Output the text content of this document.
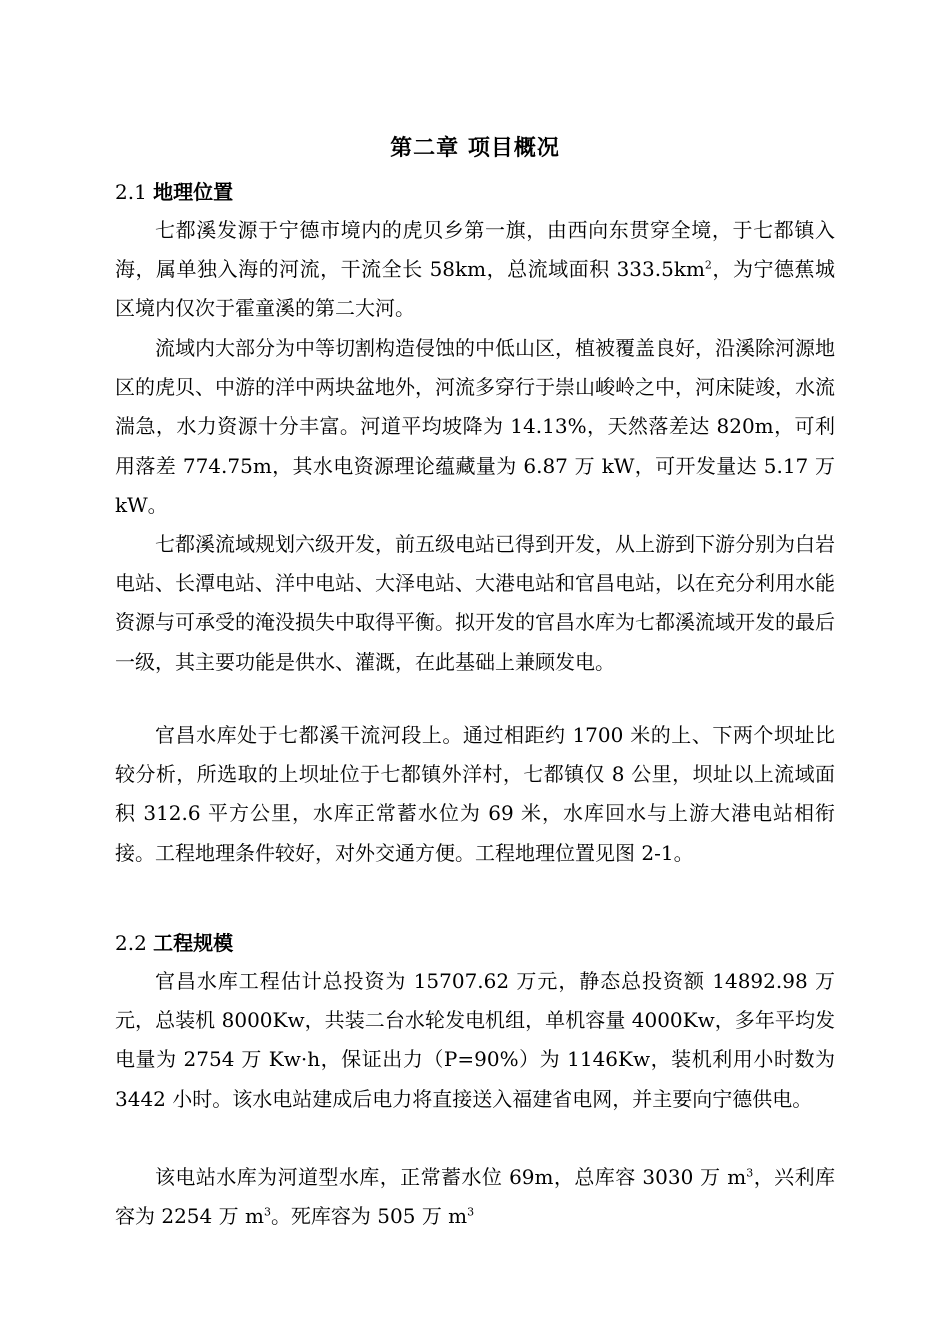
第二章 项目概况
2.1 地理位置

七都溪发源于宁德市境内的虎贝乡第一旗，由西向东贯穿全境，于七都镇入海，属单独入海的河流，干流全长 58km，总流域面积 $333.5km^2$，为宁德蕉城区境内仅次于霍童溪的第二大河。

流域内大部分为中等切割构造侵蚀的中低山区，植被覆盖良好，沿溪除河源地区的虎贝、中游的洋中两块盆地外，河流多穿行于崇山峻岭之中，河床陡竣，水流湍急，水力资源十分丰富。河道平均坡降为 14.13%，天然落差达 820m，可利用落差 774.75m，其水电资源理论蕴藏量为 6.87 万 kW，可开发量达 5.17 万 kW。

七都溪流域规划六级开发，前五级电站已得到开发，从上游到下游分别为白岩电站、长潭电站、洋中电站、大泽电站、大港电站和官昌电站，以在充分利用水能资源与可承受的淹没损失中取得平衡。拟开发的官昌水库为七都溪流域开发的最后一级，其主要功能是供水、灌溉，在此基础上兼顾发电。

官昌水库处于七都溪干流河段上。通过相距约 1700 米的上、下两个坝址比较分析，所选取的上坝址位于七都镇外洋村，七都镇仅 8 公里，坝址以上流域面积 312.6 平方公里，水库正常蓄水位为 69 米，水库回水与上游大港电站相衔接。工程地理条件较好，对外交通方便。工程地理位置见图 2-1。

2.2 工程规模

官昌水库工程估计总投资为 15707.62 万元，静态总投资额 14892.98 万元，总装机 8000Kw，共装二台水轮发电机组，单机容量 4000Kw，多年平均发电量为 2754 万 Kw·h，保证出力（P=90%）为 1146Kw，装机利用小时数为 3442 小时。该水电站建成后电力将直接送入福建省电网，并主要向宁德供电。

该电站水库为河道型水库，正常蓄水位 69m，总库容 3030 万 $m^3$，兴利库容为 2254 万 $m^3$。死库容为 505 万 $m^3$
